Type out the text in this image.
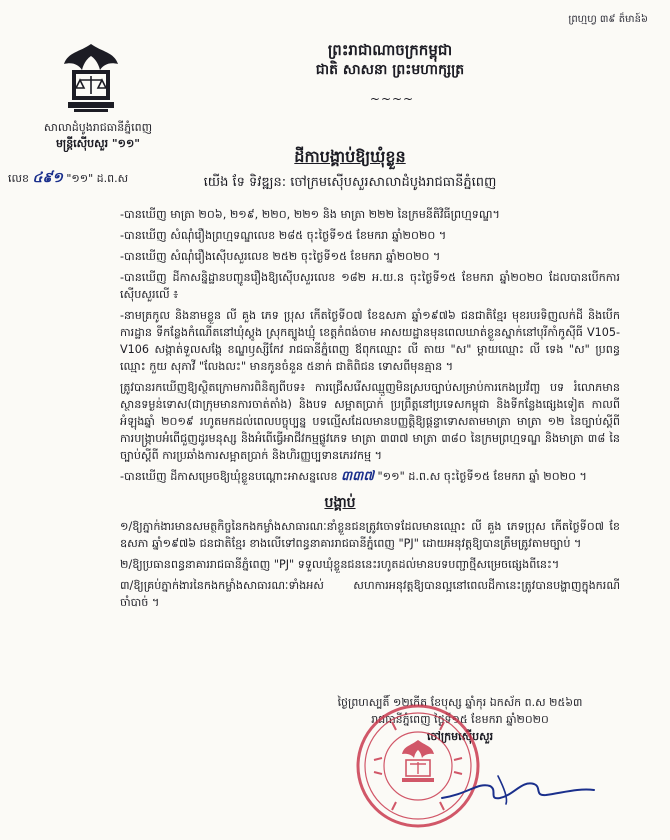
ព្រហ្មហ្វ ៣៩ ត៏មាន៍៦
សាលាដំបូងរាជធានីភ្នំពេញ
មន្ត្រីស៊ើបសួរ "១១"
លេខ ៤៩១ "១១" ដ.ព.ស
ព្រះរាជាណាចក្រកម្ពុជា
ជាតិ សាសនា ព្រះមហាក្សត្រ
~~~~
ដីកាបង្គាប់ឱ្យឃុំខ្លួន
យើង ទែ ទិវឌ្ឍន: ចៅក្រមស៊ើបសួរសាលាដំបូងរាជធានីភ្នំពេញ

-បានឃើញ មាត្រា ២០៦, ២១៩, ២២០, ២២១ និង មាត្រា ២២២ នៃក្រមនីតិវិធីព្រហ្មទណ្ឌ។

-បានឃើញ សំណុំរឿងព្រហ្មទណ្ឌលេខ ២៨៥ ចុះថ្ងៃទី១៥ ខែមករា ឆ្នាំ២០២០ ។

-បានឃើញ សំណុំរឿងស៊ើបសួរលេខ ២៥២ ចុះថ្ងៃទី១៥ ខែមករា ឆ្នាំ២០២០ ។

-បានឃើញ ដីកាសន្និដ្ឋានបញ្ជូនរឿងឱ្យស៊ើបសួរលេខ ១៨២ អ.យ.ន ចុះថ្ងៃទី១៥ ខែមករា ឆ្នាំ២០២០ ដែលបានបើកការស៊ើបសួរលើ ៖

-នាមត្រកូល និងនាមខ្លួន លី គួង ភេទ ប្រុស កើតថ្ងៃទី០៧ ខែឧសភា ឆ្នាំ១៩៧៦ ជនជាតិខ្មែរ មុខរបរទិញលក់ដី និងបើកការដ្ឋាន ទីកន្លែងកំណើតនៅឃុំស្ដូង ស្រុកត្បូងឃ្មុំ ខេត្តកំពង់ចាម អាសយដ្ឋានមុនពេលឃាត់ខ្លួនស្នាក់នៅបុរីកាំកូស៊ីធី V105-V106 សង្កាត់ទួលសង្កែ ខណ្ឌឫស្សីកែវ រាជធានីភ្នំពេញ ឪពុកឈ្មោះ លី តាយ "ស" ម្ដាយឈ្មោះ លី ទេង "ស" ប្រពន្ធឈ្មោះ កួយ សុភាវី "លែងលះ" មានកូនចំនួន ៥នាក់ ជាតិពិជន ទោសពីមុនគ្មាន ។

ត្រូវបានរកឃើញឱ្យស្ថិតក្រោមការពិនិត្យពីបទ៖ ការជ្រើសរើសឈ្មួញមិនស្របច្បាប់សម្រាប់ការកេងប្រវ័ញ្ច បទ រំលោភមានស្ថានទម្ងន់ទោស(ជាក្រុមមានការចាត់តាំង) និងបទ សម្អាតប្រាក់ ប្រព្រឹត្តនៅប្រទេសកម្ពុជា និងទីកន្លែងផ្សេងទៀត កាលពីអំឡុងឆ្នាំ ២០១៩ រហូតមកដល់ពេលបច្ចុប្បន្ន បទល្មើសដែលមានបញ្ញត្តិឱ្យផ្ដន្ទាទោសតាមមាត្រា មាត្រា ១២ នៃច្បាប់ស្ដីពី ការបង្ក្រាបអំពើជួញដូរមនុស្ស និងអំពើធ្វើអាជីវកម្មផ្លូវភេទ មាត្រា ៣៣៧ មាត្រា ៣៨០ នៃក្រមព្រហ្មទណ្ឌ និងមាត្រា ៣៨ នៃច្បាប់ស្ដីពី ការប្រឆាំងការសម្អាតប្រាក់ និងហិរញ្ញប្បទានភេរវកម្ម ។

-បានឃើញ ដីកាសម្រេចឱ្យឃុំខ្លួនបណ្ដោះអាសន្នលេខ ៣៣៧ "១១" ដ.ព.ស ចុះថ្ងៃទី១៥ ខែមករា ឆ្នាំ ២០២០ ។

បង្គាប់

១/ឱ្យភ្នាក់ងារមានសមត្ថកិច្ចនៃកងកម្លាំងសាធារណៈនាំខ្លួនជនត្រូវចោទដែលមានឈ្មោះ លី គួង ភេទប្រុស កើតថ្ងៃទី០៧ ខែឧសភា ឆ្នាំ១៩៧៦ ជនជាតិខ្មែរ ខាងលើទៅពន្ធនាគាររាជធានីភ្នំពេញ "PJ" ដោយអនុវត្តឱ្យបានត្រឹមត្រូវតាមច្បាប់ ។

២/ឱ្យប្រធានពន្ធនាគាររាជធានីភ្នំពេញ "PJ" ទទួលឃុំខ្លួនជននេះរហូតដល់មានបទបញ្ជាថ្មីសម្រេចផ្សេងពីនេះ។

៣/ឱ្យគ្រប់ភ្នាក់ងារនៃកងកម្លាំងសាធារណៈទាំងអស់ សហការអនុវត្តឱ្យបានល្អនៅពេលដីកានេះត្រូវបានបង្ហាញក្នុងករណីចាំបាច់ ។

ថ្ងៃព្រហស្បតិ៍ ១២កើត ខែបុស្ស ឆ្នាំកុរ ឯកស័ក ព.ស ២៥៦៣
រាជធានីភ្នំពេញ ថ្ងៃទី១៥ ខែមករា ឆ្នាំ២០២០
ចៅក្រមស៊ើបសួរ
